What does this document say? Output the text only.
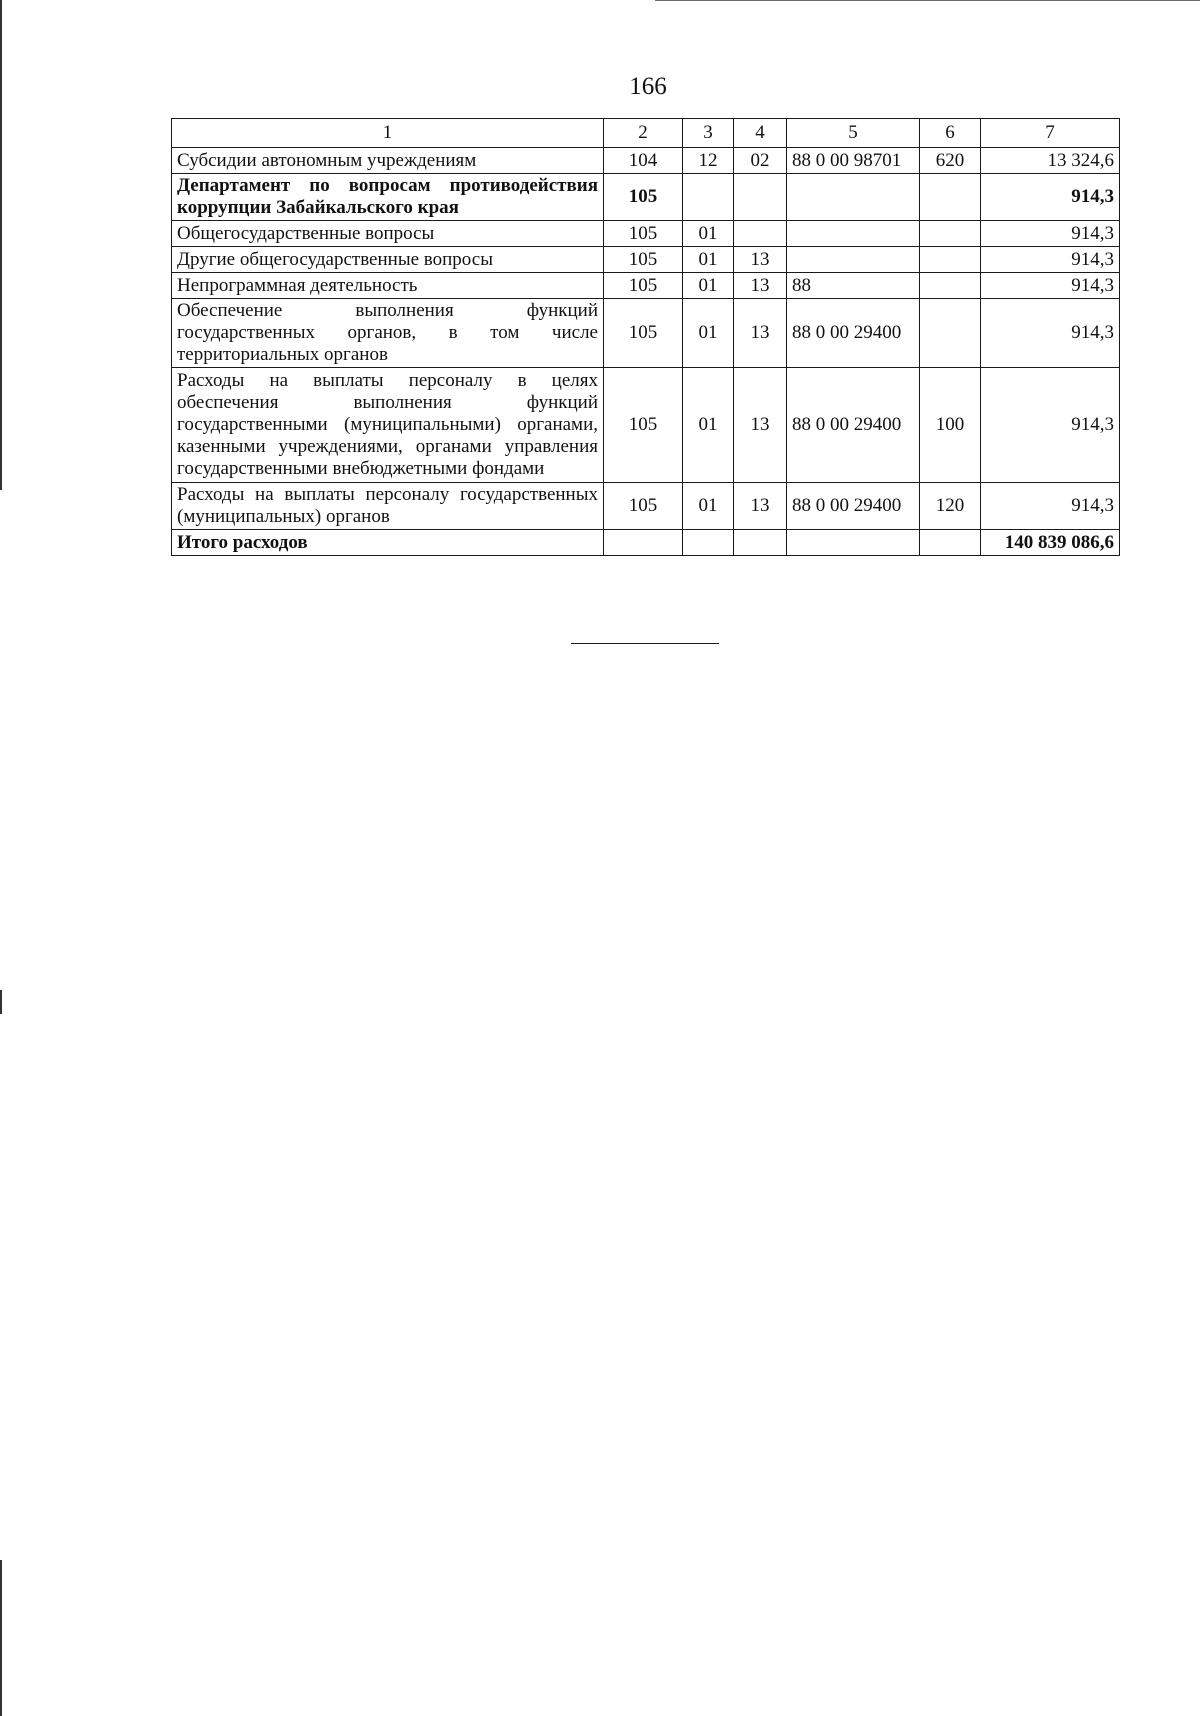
166
1	2	3	4	5	6	7
Субсидии автономным учреждениям	104	12	02	88 0 00 98701	620	13 324,6
Департамент по вопросам противодействия коррупции Забайкальского края	105					914,3
Общегосударственные вопросы	105	01				914,3
Другие общегосударственные вопросы	105	01	13			914,3
Непрограммная деятельность	105	01	13	88		914,3
Обеспечение выполнения функций государственных органов, в том числе территориальных органов	105	01	13	88 0 00 29400		914,3
Расходы на выплаты персоналу в целях обеспечения выполнения функций государственными (муниципальными) органами, казенными учреждениями, органами управления государственными внебюджетными фондами	105	01	13	88 0 00 29400	100	914,3
Расходы на выплаты персоналу государственных (муниципальных) органов	105	01	13	88 0 00 29400	120	914,3
Итого расходов						140 839 086,6
